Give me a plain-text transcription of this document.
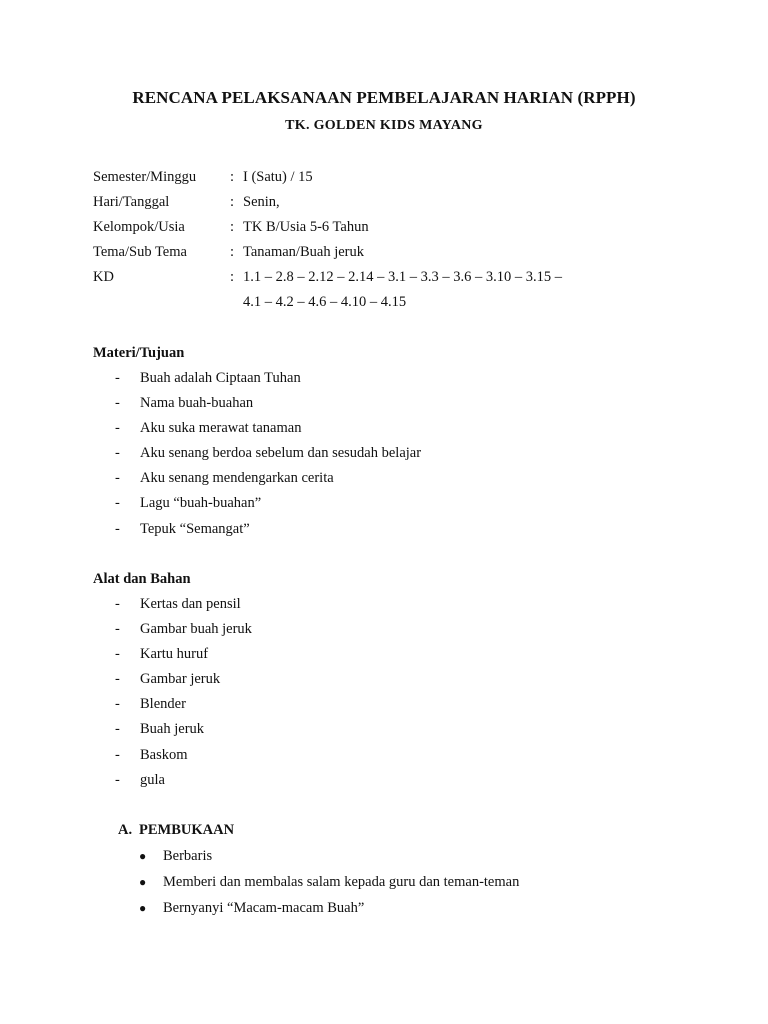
RENCANA PELAKSANAAN PEMBELAJARAN HARIAN (RPPH)
TK. GOLDEN KIDS MAYANG
Semester/Minggu	: I (Satu) / 15
Hari/Tanggal	: Senin,
Kelompok/Usia	: TK B/Usia 5-6 Tahun
Tema/Sub Tema	: Tanaman/Buah jeruk
KD	: 1.1 – 2.8 – 2.12 – 2.14 – 3.1 – 3.3 – 3.6 – 3.10 – 3.15 –
4.1 – 4.2 – 4.6 – 4.10 – 4.15
Materi/Tujuan
-	Buah adalah Ciptaan Tuhan
-	Nama buah-buahan
-	Aku suka merawat tanaman
-	Aku senang berdoa sebelum dan sesudah belajar
-	Aku senang mendengarkan cerita
-	Lagu “buah-buahan”
-	Tepuk “Semangat”
Alat dan Bahan
-	Kertas dan pensil
-	Gambar buah jeruk
-	Kartu huruf
-	Gambar jeruk
-	Blender
-	Buah jeruk
-	Baskom
-	gula
A. PEMBUKAAN
●	Berbaris
●	Memberi dan membalas salam kepada guru dan teman-teman
●	Bernyanyi “Macam-macam Buah”
